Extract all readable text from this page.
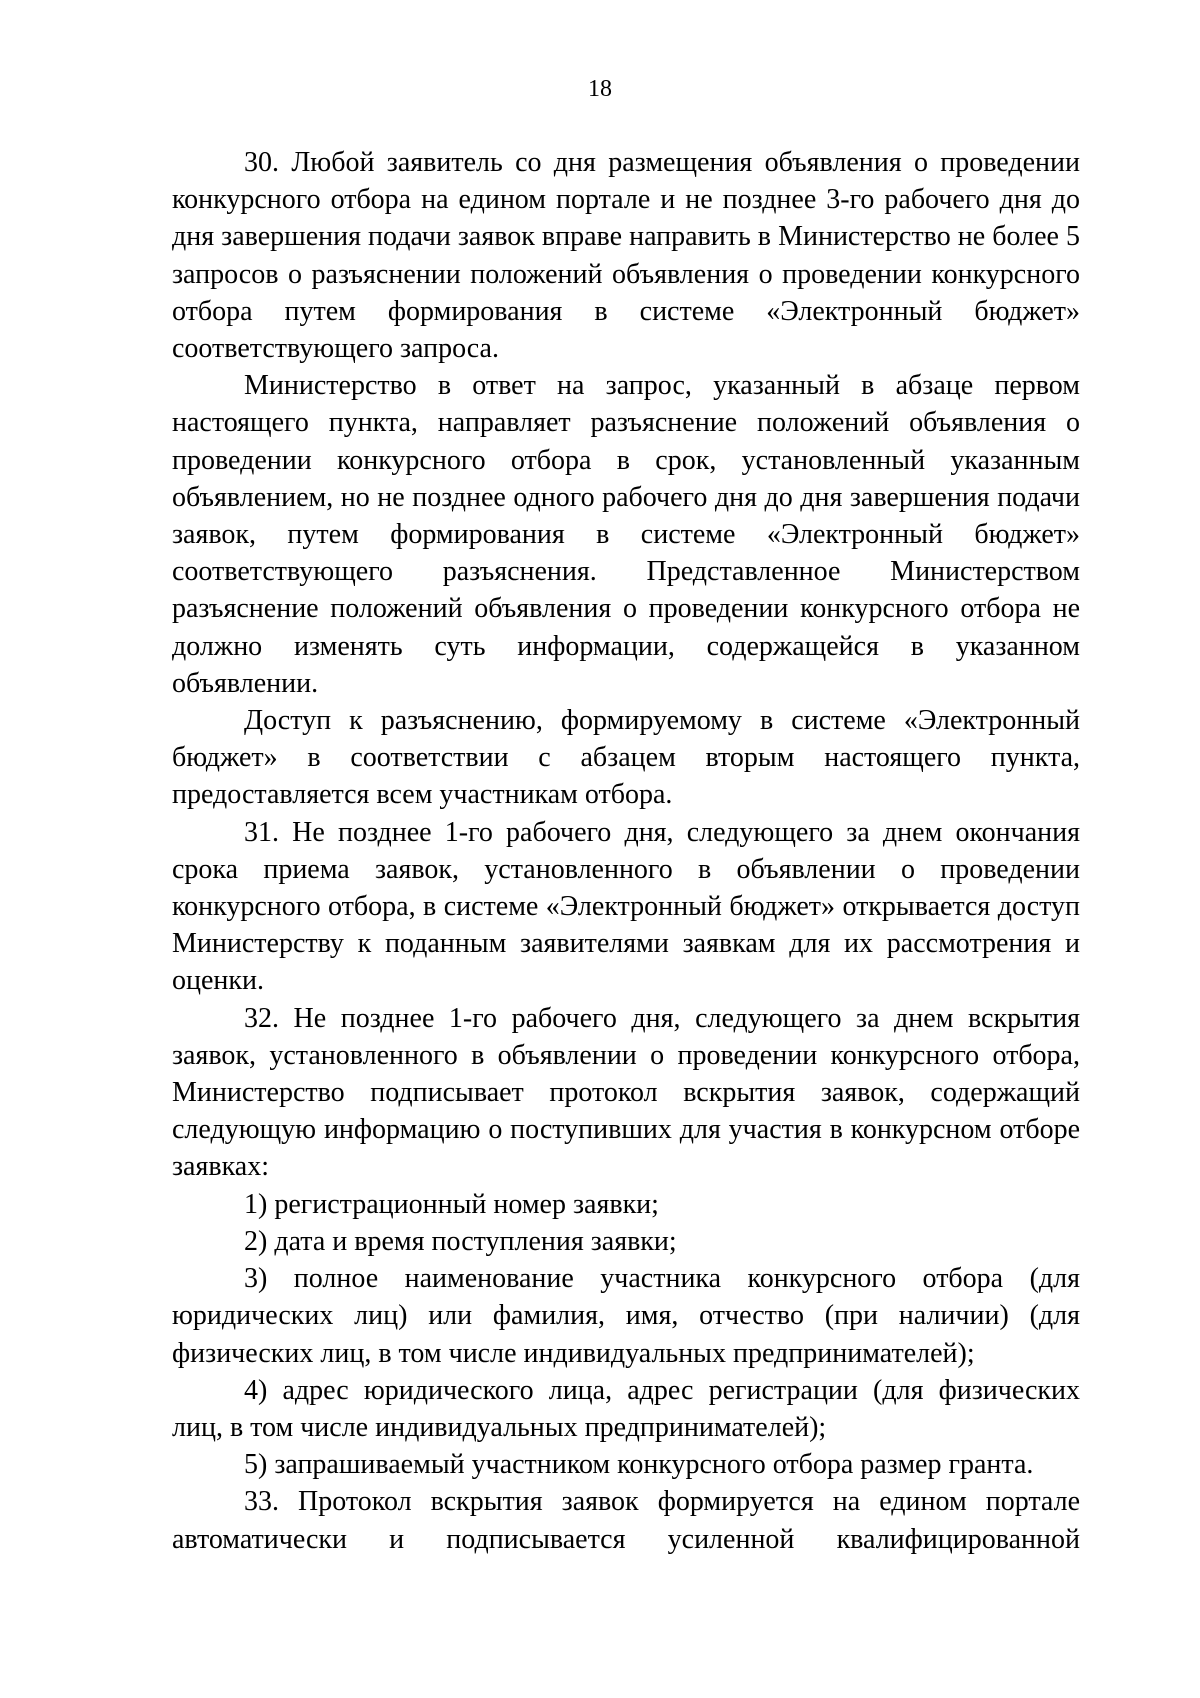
18

30. Любой заявитель со дня размещения объявления о проведении конкурсного отбора на едином портале и не позднее 3-го рабочего дня до дня завершения подачи заявок вправе направить в Министерство не более 5 запросов о разъяснении положений объявления о проведении конкурсного отбора путем формирования в системе «Электронный бюджет» соответствующего запроса.

Министерство в ответ на запрос, указанный в абзаце первом настоящего пункта, направляет разъяснение положений объявления о проведении конкурсного отбора в срок, установленный указанным объявлением, но не позднее одного рабочего дня до дня завершения подачи заявок, путем формирования в системе «Электронный бюджет» соответствующего разъяснения. Представленное Министерством разъяснение положений объявления о проведении конкурсного отбора не должно изменять суть информации, содержащейся в указанном объявлении.

Доступ к разъяснению, формируемому в системе «Электронный бюджет» в соответствии с абзацем вторым настоящего пункта, предоставляется всем участникам отбора.

31. Не позднее 1-го рабочего дня, следующего за днем окончания срока приема заявок, установленного в объявлении о проведении конкурсного отбора, в системе «Электронный бюджет» открывается доступ Министерству к поданным заявителями заявкам для их рассмотрения и оценки.

32. Не позднее 1-го рабочего дня, следующего за днем вскрытия заявок, установленного в объявлении о проведении конкурсного отбора, Министерство подписывает протокол вскрытия заявок, содержащий следующую информацию о поступивших для участия в конкурсном отборе заявках:

1) регистрационный номер заявки;

2) дата и время поступления заявки;

3) полное наименование участника конкурсного отбора (для юридических лиц) или фамилия, имя, отчество (при наличии) (для физических лиц, в том числе индивидуальных предпринимателей);

4) адрес юридического лица, адрес регистрации (для физических лиц, в том числе индивидуальных предпринимателей);

5) запрашиваемый участником конкурсного отбора размер гранта.

33. Протокол вскрытия заявок формируется на едином портале автоматически и подписывается усиленной квалифицированной
